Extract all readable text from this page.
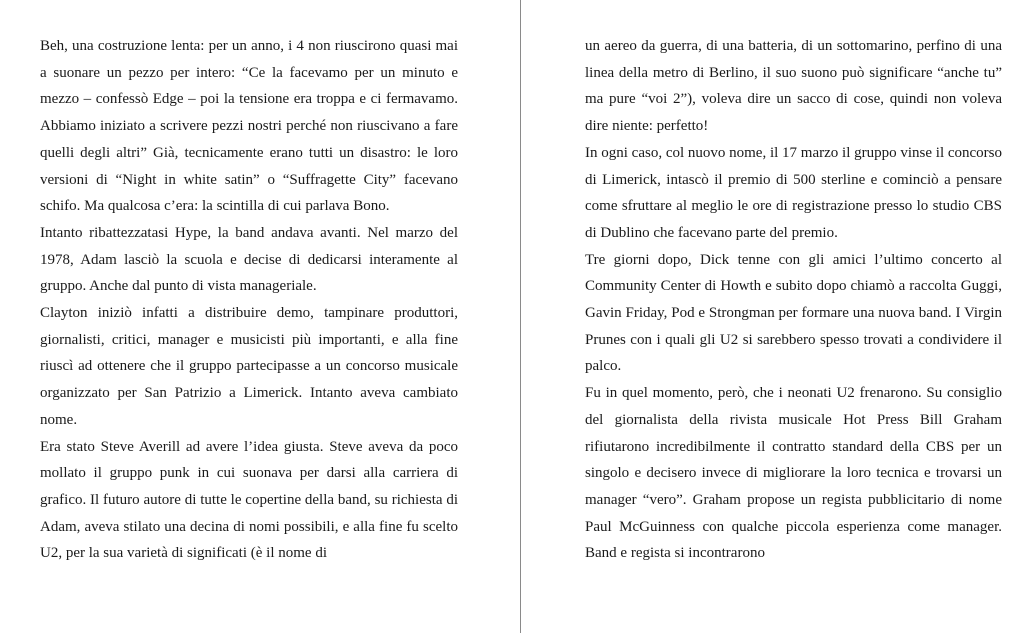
Beh, una costruzione lenta: per un anno, i 4 non riuscirono quasi mai a suonare un pezzo per intero: “Ce la facevamo per un minuto e mezzo – confessò Edge – poi la tensione era troppa e ci fermavamo. Abbiamo iniziato a scrivere pezzi nostri perché non riuscivano a fare quelli degli altri” Già, tecnicamente erano tutti un disastro: le loro versioni di “Night in white satin” o “Suffragette City” facevano schifo. Ma qualcosa c’era: la scintilla di cui parlava Bono.

Intanto ribattezzatasi Hype, la band andava avanti. Nel marzo del 1978, Adam lasciò la scuola e decise di dedicarsi interamente al gruppo. Anche dal punto di vista manageriale.

Clayton iniziò infatti a distribuire demo, tampinare produttori, giornalisti, critici, manager e musicisti più importanti, e alla fine riuscì ad ottenere che il gruppo partecipasse a un concorso musicale organizzato per San Patrizio a Limerick. Intanto aveva cambiato nome.

Era stato Steve Averill ad avere l’idea giusta. Steve aveva da poco mollato il gruppo punk in cui suonava per darsi alla carriera di grafico. Il futuro autore di tutte le copertine della band, su richiesta di Adam, aveva stilato una decina di nomi possibili, e alla fine fu scelto U2, per la sua varietà di significati (è il nome di

un aereo da guerra, di una batteria, di un sottomarino, perfino di una linea della metro di Berlino, il suo suono può significare “anche tu” ma pure “voi 2”), voleva dire un sacco di cose, quindi non voleva dire niente: perfetto!

In ogni caso, col nuovo nome, il 17 marzo il gruppo vinse il concorso di Limerick, intascò il premio di 500 sterline e cominciò a pensare come sfruttare al meglio le ore di registrazione presso lo studio CBS di Dublino che facevano parte del premio.

Tre giorni dopo, Dick tenne con gli amici l’ultimo concerto al Community Center di Howth e subito dopo chiamò a raccolta Guggi, Gavin Friday, Pod e Strongman per formare una nuova band. I Virgin Prunes con i quali gli U2 si sarebbero spesso trovati a condividere il palco.

Fu in quel momento, però, che i neonati U2 frenarono. Su consiglio del giornalista della rivista musicale Hot Press Bill Graham rifiutarono incredibilmente il contratto standard della CBS per un singolo e decisero invece di migliorare la loro tecnica e trovarsi un manager “vero”. Graham propose un regista pubblicitario di nome Paul McGuinness con qualche piccola esperienza come manager. Band e regista si incontrarono
